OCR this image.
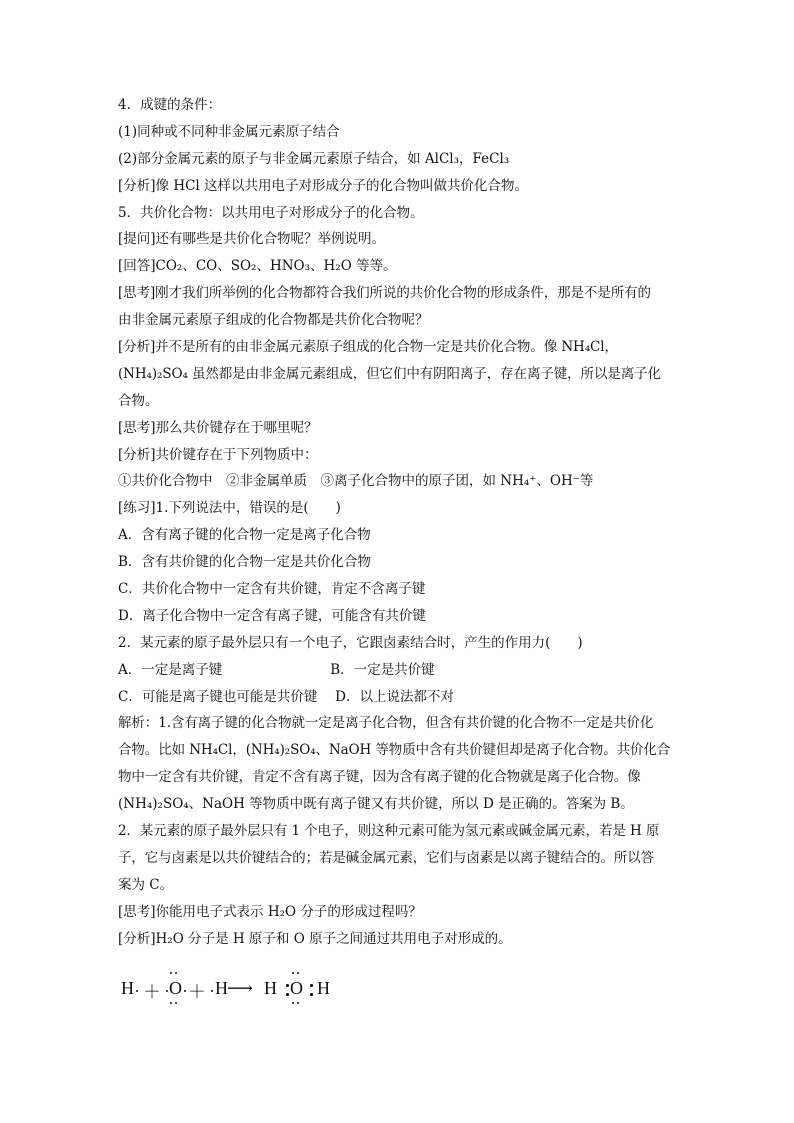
4．成键的条件：
(1)同种或不同种非金属元素原子结合
(2)部分金属元素的原子与非金属元素原子结合，如 AlCl₃，FeCl₃
[分析]像 HCl 这样以共用电子对形成分子的化合物叫做共价化合物。
5．共价化合物：以共用电子对形成分子的化合物。
[提问]还有哪些是共价化合物呢？举例说明。
[回答]CO₂、CO、SO₂、HNO₃、H₂O 等等。
[思考]刚才我们所举例的化合物都符合我们所说的共价化合物的形成条件，那是不是所有的
由非金属元素原子组成的化合物都是共价化合物呢？
[分析]并不是所有的由非金属元素原子组成的化合物一定是共价化合物。像 NH₄Cl，
(NH₄)₂SO₄ 虽然都是由非金属元素组成，但它们中有阴阳离子，存在离子键，所以是离子化
合物。
[思考]那么共价键存在于哪里呢？
[分析]共价键存在于下列物质中：
①共价化合物中　②非金属单质　③离子化合物中的原子团，如 NH₄⁺、OH⁻等
[练习]1.下列说法中，错误的是(　　)
A．含有离子键的化合物一定是离子化合物
B．含有共价键的化合物一定是共价化合物
C．共价化合物中一定含有共价键，肯定不含离子键
D．离子化合物中一定含有离子键，可能含有共价键
2．某元素的原子最外层只有一个电子，它跟卤素结合时，产生的作用力(　　)
A．一定是离子键　　　　　　　　B．一定是共价键
C．可能是离子键也可能是共价键　 D．以上说法都不对
解析：1.含有离子键的化合物就一定是离子化合物，但含有共价键的化合物不一定是共价化
合物。比如 NH₄Cl，(NH₄)₂SO₄、NaOH 等物质中含有共价键但却是离子化合物。共价化合
物中一定含有共价键，肯定不含有离子键，因为含有离子键的化合物就是离子化合物。像
(NH₄)₂SO₄、NaOH 等物质中既有离子键又有共价键，所以 D 是正确的。答案为 B。
2．某元素的原子最外层只有 1 个电子，则这种元素可能为氢元素或碱金属元素，若是 H 原
子，它与卤素是以共价键结合的；若是碱金属元素，它们与卤素是以离子键结合的。所以答
案为 C。
[思考]你能用电子式表示 H₂O 分子的形成过程吗？
[分析]H₂O 分子是 H 原子和 O 原子之间通过共用电子对形成的。
H ＋ O ＋ H ⟶ H O H
